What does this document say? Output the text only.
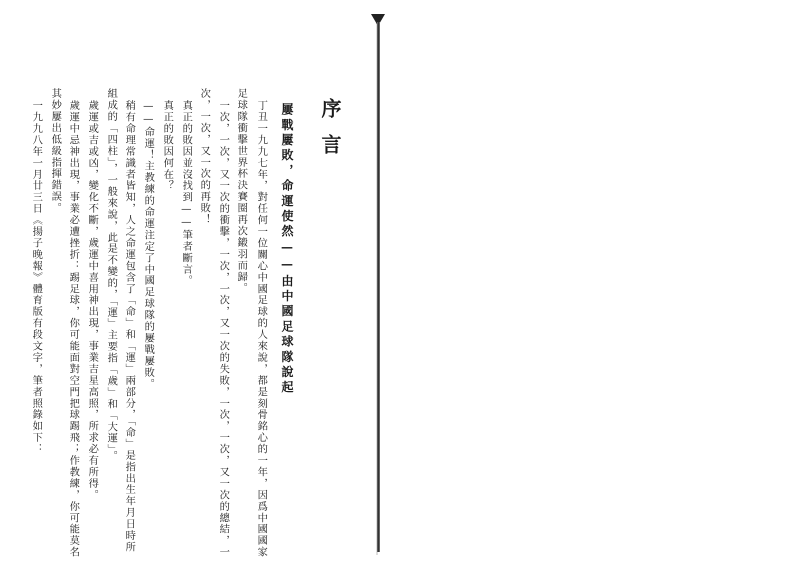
序言
屢戰屢敗，命運使然——由中國足球隊說起
丁丑一九九七年，對任何一位關心中國足球的人來說，都是刻骨銘心的一年，因爲中國國家
足球隊衝擊世界杯決賽圈再次鎩羽而歸。
一次，一次，又一次的衝擊，一次，一次，又一次的失敗，一次，一次，又一次的總結，一
次，一次，又一次的再敗！
真正的敗因並沒找到——筆者斷言。
真正的敗因何在？
——命運！主教練的命運注定了中國足球隊的屢戰屢敗。
稍有命理常識者皆知，人之命運包含了「命」和「運」兩部分，「命」是指出生年月日時所
組成的「四柱」，一般來說，此是不變的，「運」主要指「歲」和「大運」。
歲運或吉或凶，變化不斷，歲運中喜用神出現，事業吉星高照，所求必有所得。
歲運中忌神出現，事業必遭挫折：踢足球，你可能面對空門把球踢飛；作教練，你可能莫名
其妙屢出低級指揮錯誤。
一九九八年一月廿三日《揚子晚報》體育版有段文字，筆者照錄如下：
